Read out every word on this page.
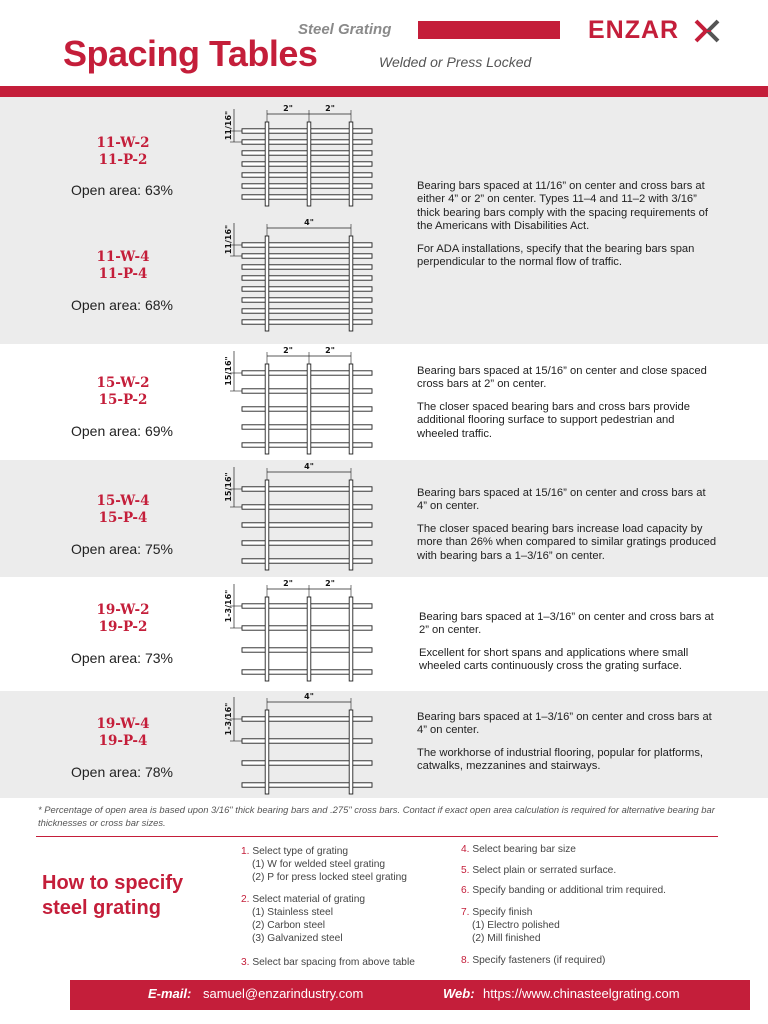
Steel Grating
Spacing Tables	Welded or Press Locked
ENZAR
11-W-2
11-P-2
Open area: 63%
2"	2"
11/16"
11-W-4
11-P-4
Open area: 68%
4"
11/16"

Bearing bars spaced at 11/16” on center and cross bars at either 4” or 2” on center. Types 11–4 and 11–2 with 3/16” thick bearing bars comply with the spacing requirements of the Americans with Disabilities Act.

For ADA installations, specify that the bearing bars span perpendicular to the normal flow of traffic.

15-W-2
15-P-2
Open area: 69%
2"	2"
15/16"	Bearing bars spaced at 15/16” on center and close spaced cross bars at 2” on center.

The closer spaced bearing bars and cross bars provide additional flooring surface to support pedestrian and wheeled traffic.

15-W-4
15-P-4
Open area: 75%
4"
15/16"	Bearing bars spaced at 15/16” on center and cross bars at 4” on center.

The closer spaced bearing bars increase load capacity by more than 26% when compared to similar gratings produced with bearing bars a 1–3/16” on center.

19-W-2
19-P-2
Open area: 73%
2"	2"
1-3/16"	Bearing bars spaced at 1–3/16” on center and cross bars at 2” on center.

Excellent for short spans and applications where small wheeled carts continuously cross the grating surface.

19-W-4
19-P-4
Open area: 78%
4"
1-3/16"	Bearing bars spaced at 1–3/16” on center and cross bars at 4” on center.

The workhorse of industrial flooring, popular for platforms, catwalks, mezzanines and stairways.

* Percentage of open area is based upon 3/16" thick bearing bars and .275" cross bars. Contact if exact open area calculation is required for alternative bearing bar thicknesses or cross bar sizes.
How to specify
steel grating
1. Select type of grating
(1) W for welded steel grating
(2) P for press locked steel grating
2. Select material of grating
(1) Stainless steel
(2) Carbon steel
(3) Galvanized steel
3. Select bar spacing from above table
4. Select bearing bar size
5. Select plain or serrated surface.
6. Specify banding or additional trim required.
7. Specify finish
(1) Electro polished
(2) Mill finished
8. Specify fasteners (if required)
E-mail: samuel@enzarindustry.com	Web: https://www.chinasteelgrating.com
